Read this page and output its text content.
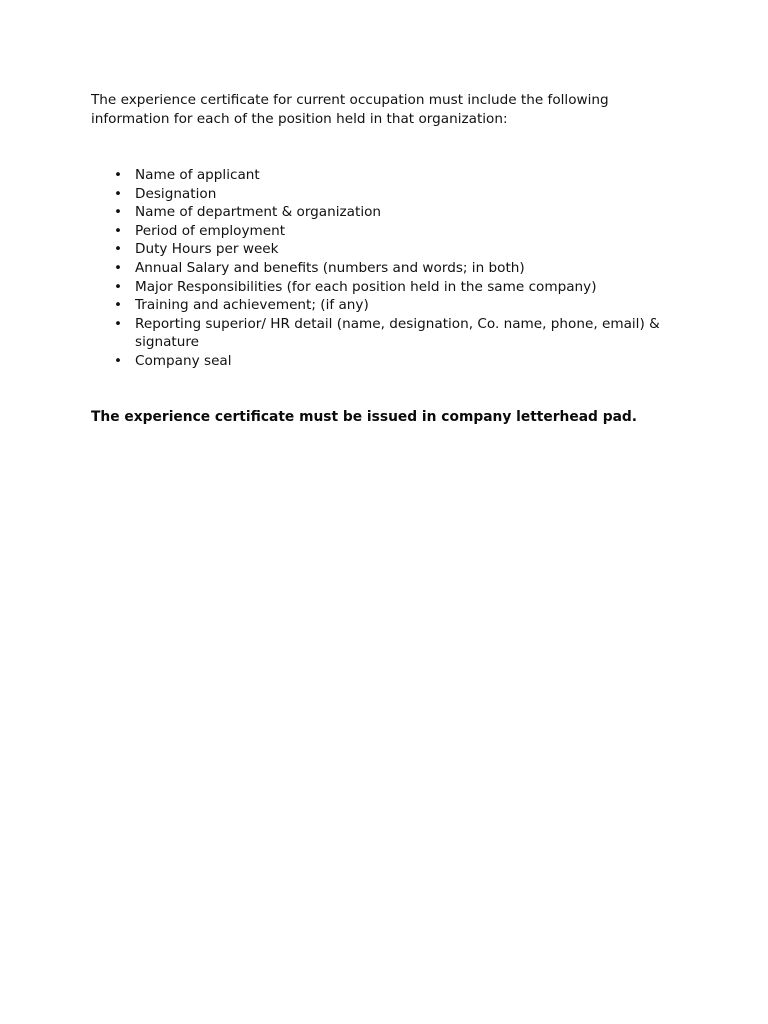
The experience certificate for current occupation must include the following information for each of the position held in that organization:

• Name of applicant
• Designation
• Name of department & organization
• Period of employment
• Duty Hours per week
• Annual Salary and benefits (numbers and words; in both)
• Major Responsibilities (for each position held in the same company)
• Training and achievement; (if any)
• Reporting superior/ HR detail (name, designation, Co. name, phone, email) & signature
• Company seal

The experience certificate must be issued in company letterhead pad.
